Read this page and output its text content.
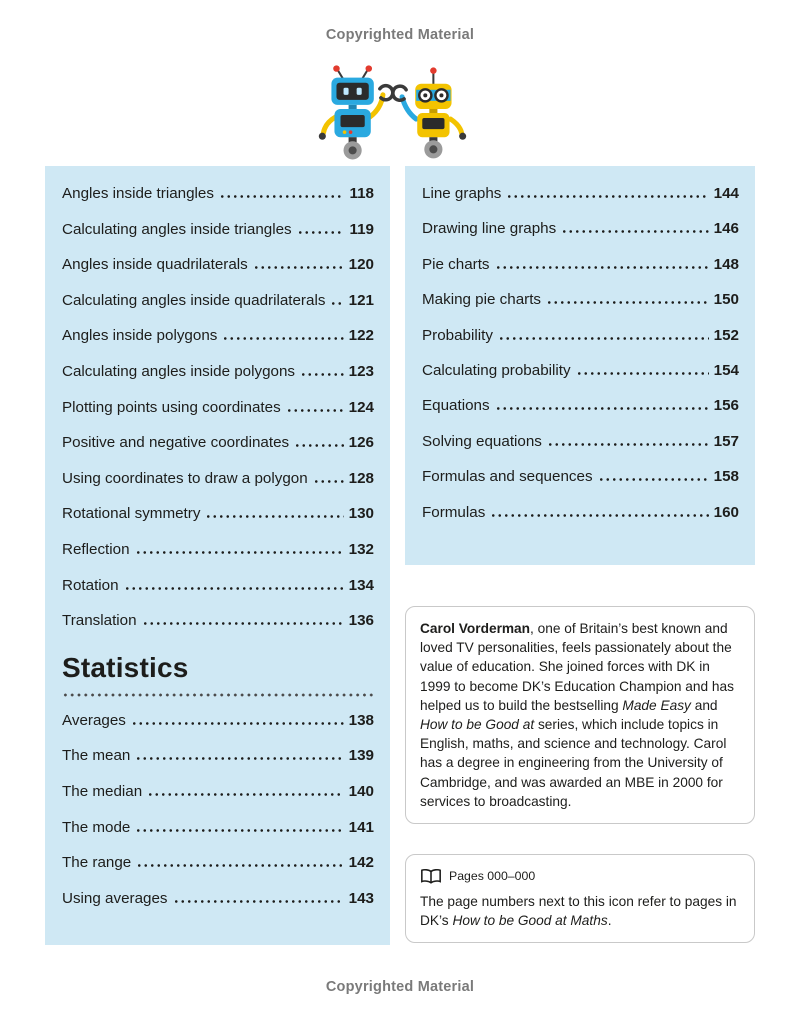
Copyrighted Material
Angles inside triangles	118
Calculating angles inside triangles	119
Angles inside quadrilaterals	120
Calculating angles inside quadrilaterals 121
Angles inside polygons	122
Calculating angles inside polygons	123
Plotting points using coordinates	124
Positive and negative coordinates	126
Using coordinates to draw a polygon	128
Rotational symmetry	130
Reflection	132
Rotation	134
Translation	136
Statistics
Averages	138
The mean	139
The median	140
The mode	141
The range	142
Using averages	143
Line graphs	144
Drawing line graphs	146
Pie charts	148
Making pie charts	150
Probability	152
Calculating probability	154
Equations	156
Solving equations	157
Formulas and sequences	158
Formulas	160
Carol Vorderman, one of Britain’s best known and loved TV personalities, feels passionately about the value of education. She joined forces with DK in 1999 to become DK’s Education Champion and has helped us to build the bestselling Made Easy and How to be Good at series, which include topics in English, maths, and science and technology. Carol has a degree in engineering from the University of Cambridge, and was awarded an MBE in 2000 for services to broadcasting.
Pages 000–000
The page numbers next to this icon refer to pages in DK’s How to be Good at Maths.
Copyrighted Material
